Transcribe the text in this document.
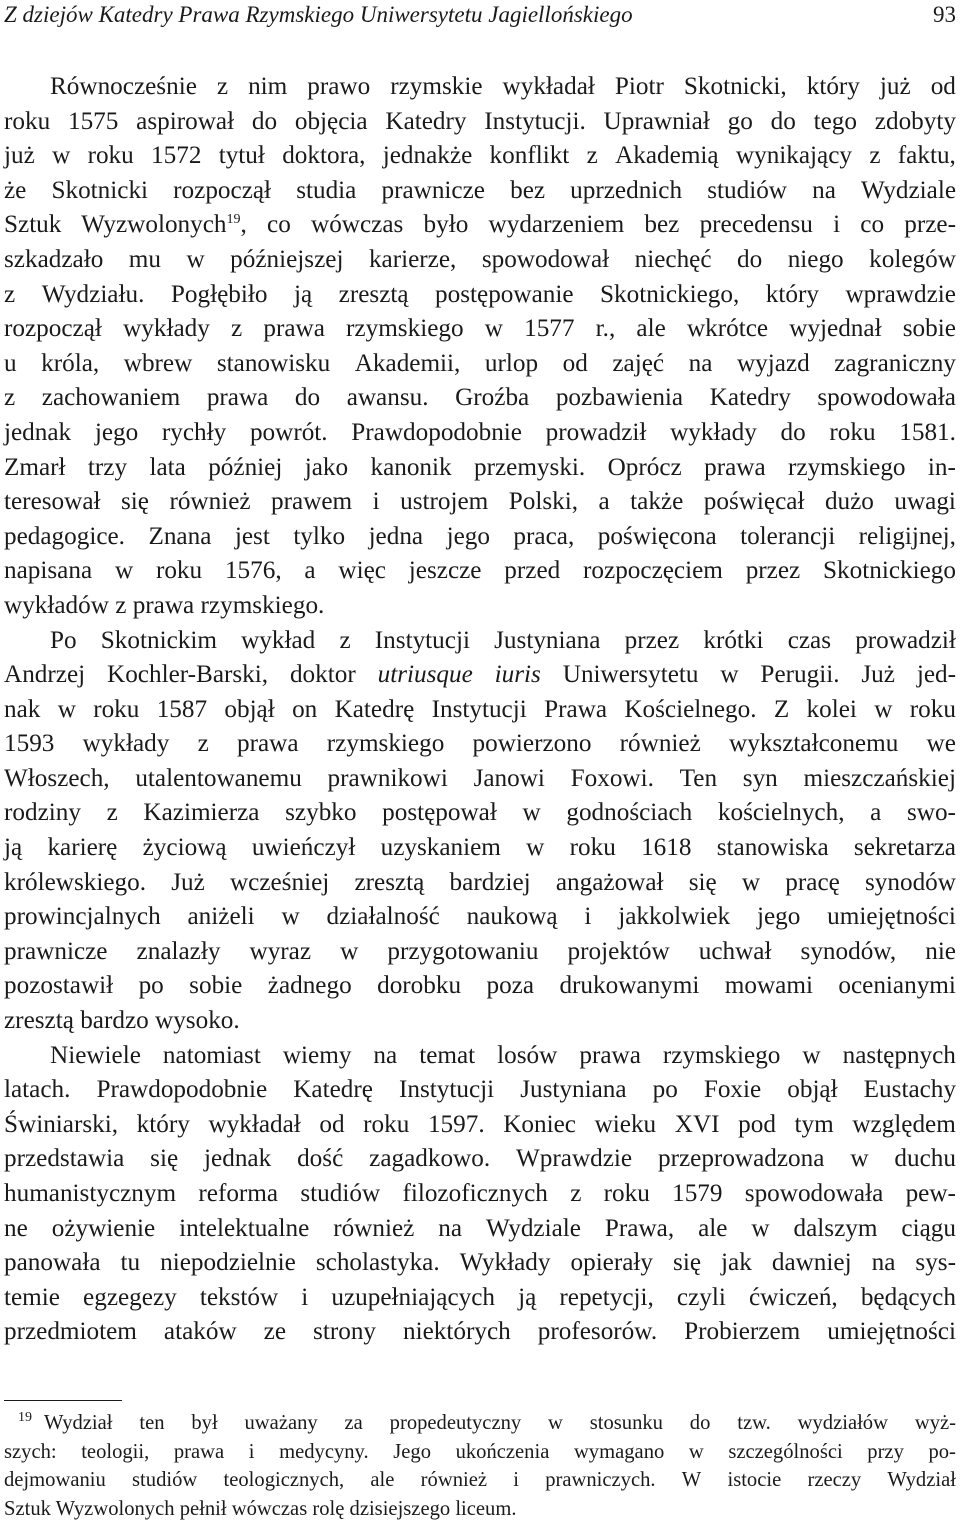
Z dziejów Katedry Prawa Rzymskiego Uniwersytetu Jagiellońskiego	93
Równocześnie z nim prawo rzymskie wykładał Piotr Skotnicki, który już od
roku 1575 aspirował do objęcia Katedry Instytucji. Uprawniał go do tego zdobyty
już w roku 1572 tytuł doktora, jednakże konflikt z Akademią wynikający z faktu,
że Skotnicki rozpoczął studia prawnicze bez uprzednich studiów na Wydziale
Sztuk Wyzwolonych$^{19}$, co wówczas było wydarzeniem bez precedensu i co prze-
szkadzało mu w późniejszej karierze, spowodował niechęć do niego kolegów
z Wydziału. Pogłębiło ją zresztą postępowanie Skotnickiego, który wprawdzie
rozpoczął wykłady z prawa rzymskiego w 1577 r., ale wkrótce wyjednał sobie
u króla, wbrew stanowisku Akademii, urlop od zajęć na wyjazd zagraniczny
z zachowaniem prawa do awansu. Groźba pozbawienia Katedry spowodowała
jednak jego rychły powrót. Prawdopodobnie prowadził wykłady do roku 1581.
Zmarł trzy lata później jako kanonik przemyski. Oprócz prawa rzymskiego in-
teresował się również prawem i ustrojem Polski, a także poświęcał dużo uwagi
pedagogice. Znana jest tylko jedna jego praca, poświęcona tolerancji religijnej,
napisana w roku 1576, a więc jeszcze przed rozpoczęciem przez Skotnickiego
wykładów z prawa rzymskiego.
Po Skotnickim wykład z Instytucji Justyniana przez krótki czas prowadził
Andrzej Kochler-Barski, doktor utriusque iuris Uniwersytetu w Perugii. Już jed-
nak w roku 1587 objął on Katedrę Instytucji Prawa Kościelnego. Z kolei w roku
1593 wykłady z prawa rzymskiego powierzono również wykształconemu we
Włoszech, utalentowanemu prawnikowi Janowi Foxowi. Ten syn mieszczańskiej
rodziny z Kazimierza szybko postępował w godnościach kościelnych, a swo-
ją karierę życiową uwieńczył uzyskaniem w roku 1618 stanowiska sekretarza
królewskiego. Już wcześniej zresztą bardziej angażował się w pracę synodów
prowincjalnych aniżeli w działalność naukową i jakkolwiek jego umiejętności
prawnicze znalazły wyraz w przygotowaniu projektów uchwał synodów, nie
pozostawił po sobie żadnego dorobku poza drukowanymi mowami ocenianymi
zresztą bardzo wysoko.
Niewiele natomiast wiemy na temat losów prawa rzymskiego w następnych
latach. Prawdopodobnie Katedrę Instytucji Justyniana po Foxie objął Eustachy
Świniarski, który wykładał od roku 1597. Koniec wieku XVI pod tym względem
przedstawia się jednak dość zagadkowo. Wprawdzie przeprowadzona w duchu
humanistycznym reforma studiów filozoficznych z roku 1579 spowodowała pew-
ne ożywienie intelektualne również na Wydziale Prawa, ale w dalszym ciągu
panowała tu niepodzielnie scholastyka. Wykłady opierały się jak dawniej na sys-
temie egzegezy tekstów i uzupełniających ją repetycji, czyli ćwiczeń, będących
przedmiotem ataków ze strony niektórych profesorów. Probierzem umiejętności
19 Wydział ten był uważany za propedeutyczny w stosunku do tzw. wydziałów wyż-
szych: teologii, prawa i medycyny. Jego ukończenia wymagano w szczególności przy po-
dejmowaniu studiów teologicznych, ale również i prawniczych. W istocie rzeczy Wydział
Sztuk Wyzwolonych pełnił wówczas rolę dzisiejszego liceum.
